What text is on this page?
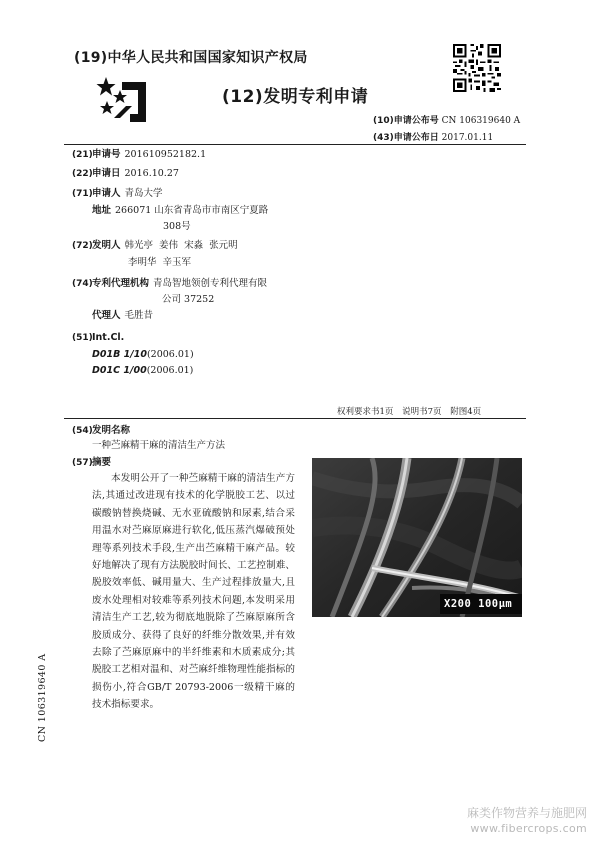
(19)中华人民共和国国家知识产权局
(12)发明专利申请
(10)申请公布号 CN 106319640 A
(43)申请公布日 2017.01.11
(21)申请号 201610952182.1
(22)申请日 2016.10.27
(71)申请人 青岛大学
地址 266071 山东省青岛市市南区宁夏路
308号
(72)发明人 韩光亭  姜伟  宋淼  张元明
李明华  辛玉军
(74)专利代理机构 青岛智地领创专利代理有限
公司 37252
代理人 毛胜昔
(51)Int.Cl.
D01B 1/10(2006.01)
D01C 1/00(2006.01)
权利要求书1页 说明书7页 附图4页
(54)发明名称
一种苎麻精干麻的清洁生产方法
(57)摘要
本发明公开了一种苎麻精干麻的清洁生产方法,其通过改进现有技术的化学脱胶工艺、以过碳酸钠替换烧碱、无水亚硫酸钠和尿素,结合采用温水对苎麻原麻进行软化,低压蒸汽爆破预处理等系列技术手段,生产出苎麻精干麻产品。较好地解决了现有方法脱胶时间长、工艺控制难、脱胶效率低、碱用量大、生产过程排放量大,且废水处理相对较难等系列技术问题,本发明采用清洁生产工艺,较为彻底地脱除了苎麻原麻所含胶质成分、获得了良好的纤维分散效果,并有效去除了苎麻原麻中的半纤维素和木质素成分;其脱胶工艺相对温和、对苎麻纤维物理性能指标的损伤小,符合GB/T 20793-2006一级精干麻的技术指标要求。
X200 100μm
CN 106319640 A
麻类作物营养与施肥网
www.fibercrops.com
